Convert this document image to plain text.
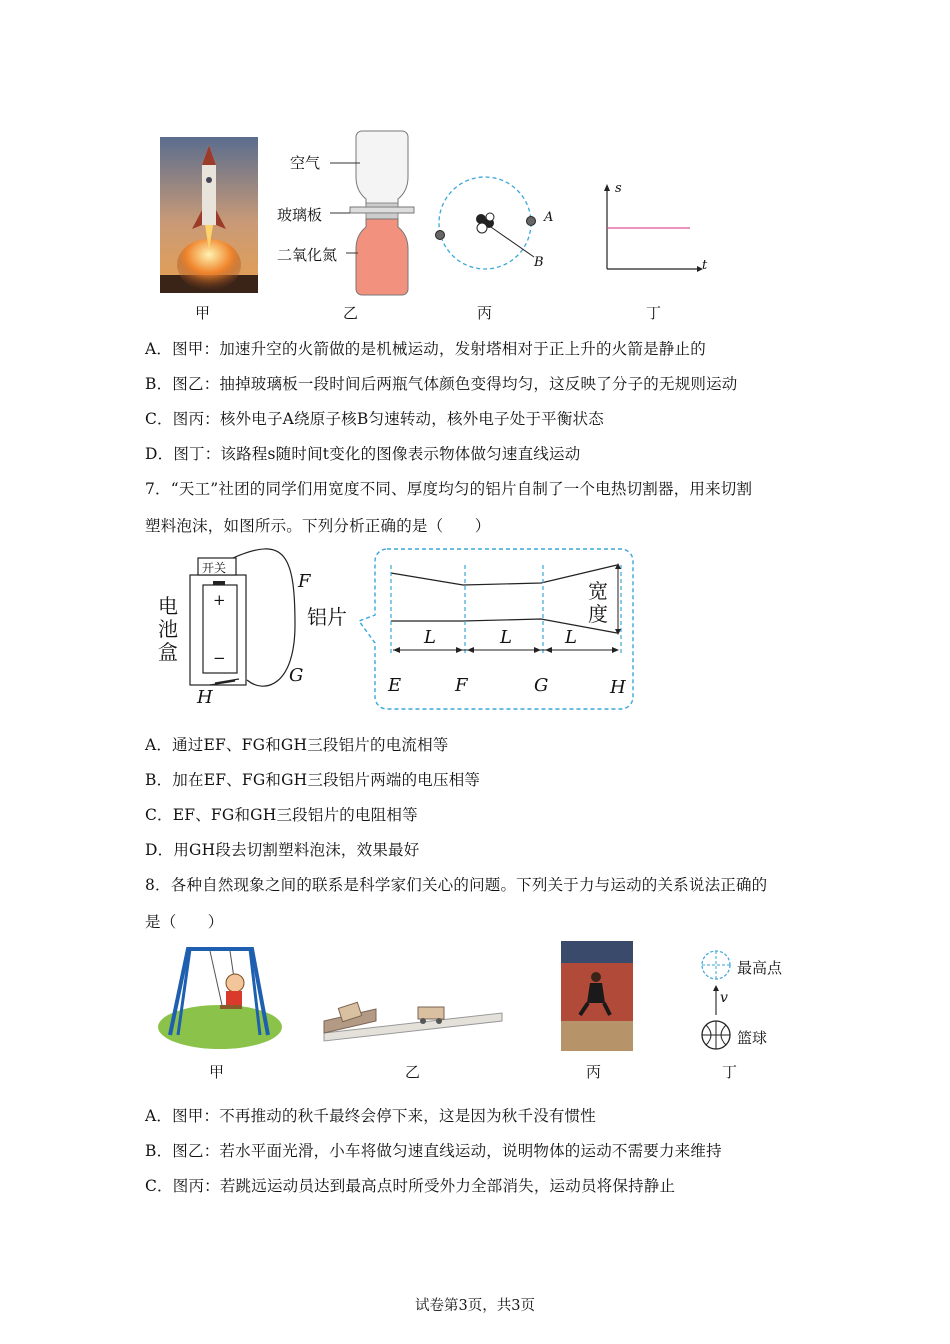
空气
玻璃板
二氧化氮
A
B
s
t
甲	乙	丙	丁
A．图甲：加速升空的火箭做的是机械运动，发射塔相对于正上升的火箭是静止的
B．图乙：抽掉玻璃板一段时间后两瓶气体颜色变得均匀，这反映了分子的无规则运动
C．图丙：核外电子A绕原子核B匀速转动，核外电子处于平衡状态
D．图丁：该路程s随时间t变化的图像表示物体做匀速直线运动
7．“天工”社团的同学们用宽度不同、厚度均匀的铝片自制了一个电热切割器，用来切割
塑料泡沫，如图所示。下列分析正确的是（　　）
开关
+
−
电池盒
F
G
H
铝片
宽度
L	L	L
E	F	G	H
A．通过EF、FG和GH三段铝片的电流相等
B．加在EF、FG和GH三段铝片两端的电压相等
C．EF、FG和GH三段铝片的电阻相等
D．用GH段去切割塑料泡沫，效果最好
8．各种自然现象之间的联系是科学家们关心的问题。下列关于力与运动的关系说法正确的
是（　　）
最高点
v
篮球
甲	乙	丙	丁
A．图甲：不再推动的秋千最终会停下来，这是因为秋千没有惯性
B．图乙：若水平面光滑，小车将做匀速直线运动，说明物体的运动不需要力来维持
C．图丙：若跳远运动员达到最高点时所受外力全部消失，运动员将保持静止
试卷第3页，共3页
